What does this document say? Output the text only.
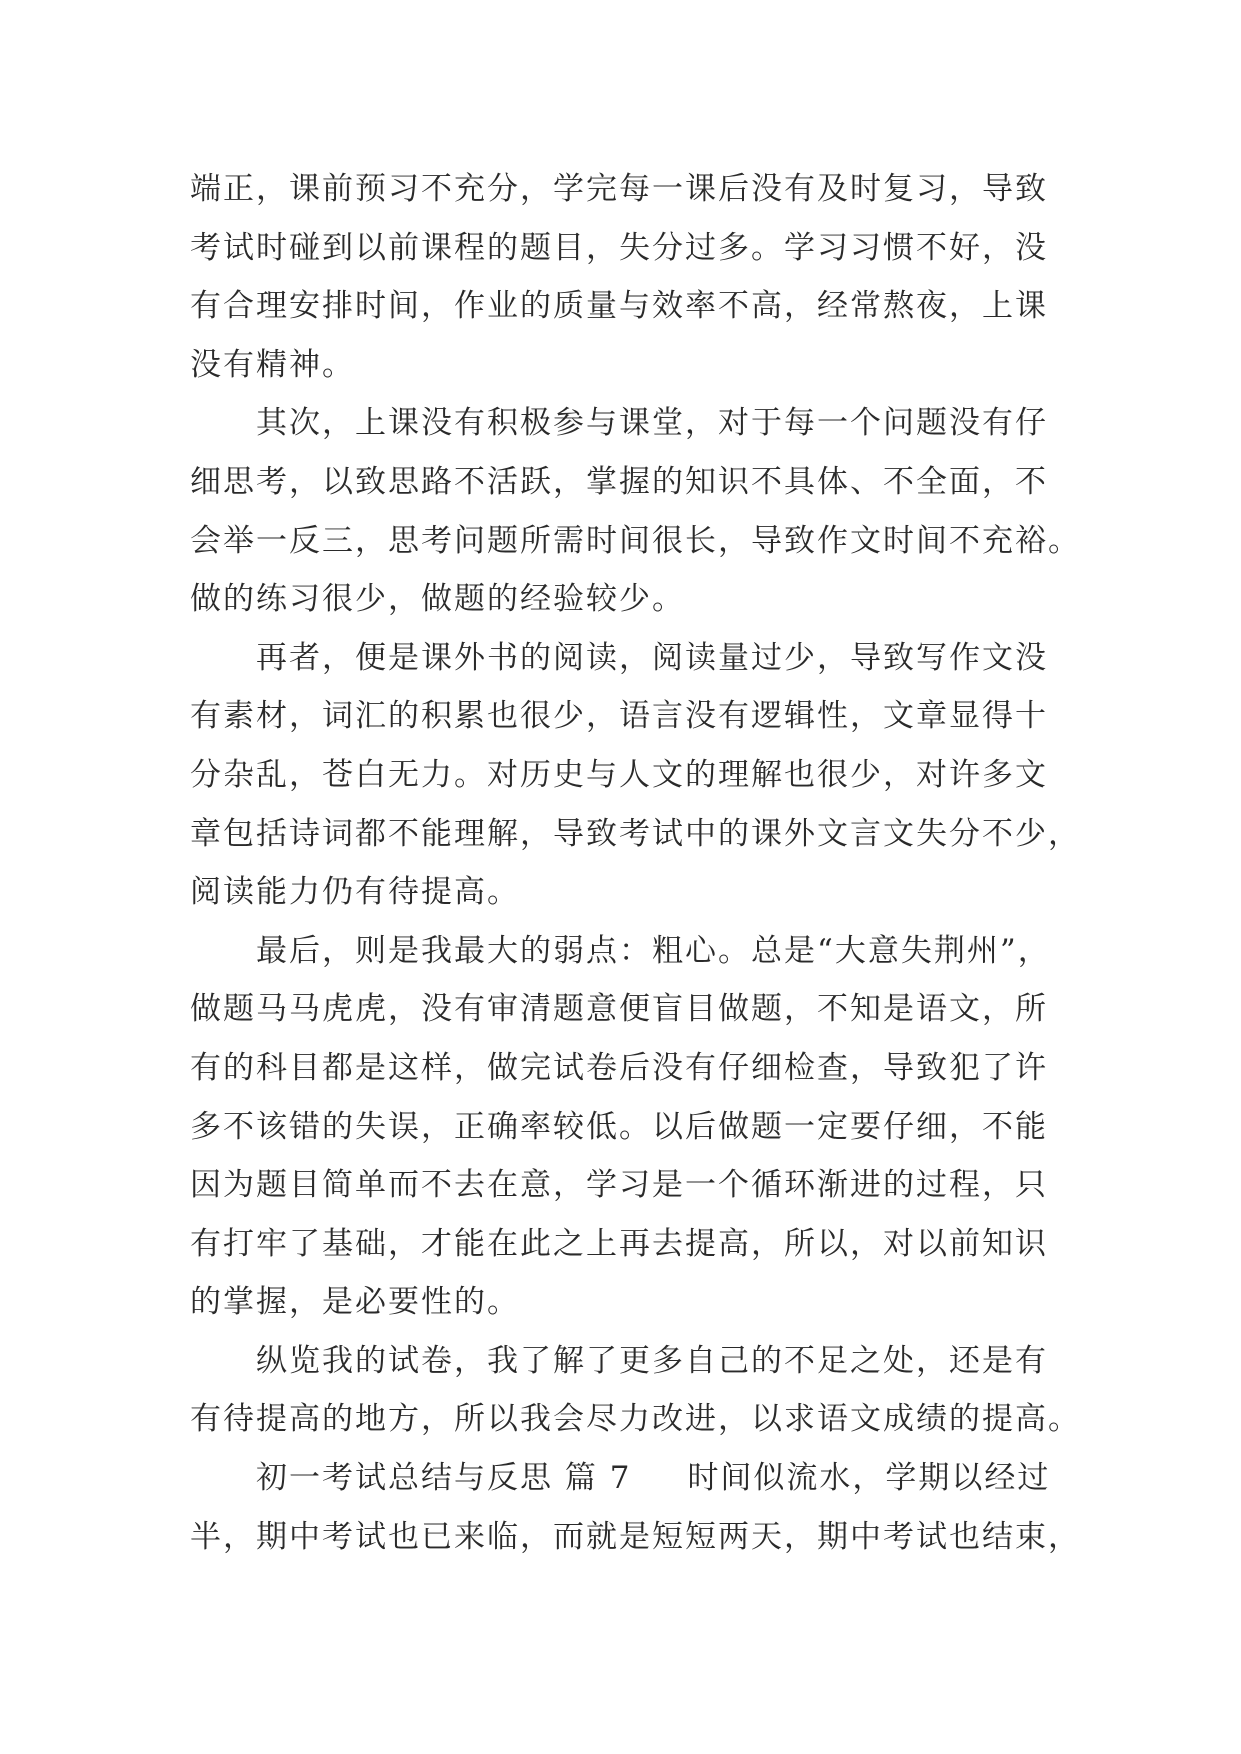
端正，课前预习不充分，学完每一课后没有及时复习，导致
考试时碰到以前课程的题目，失分过多。学习习惯不好，没
有合理安排时间，作业的质量与效率不高，经常熬夜，上课
没有精神。
其次，上课没有积极参与课堂，对于每一个问题没有仔
细思考，以致思路不活跃，掌握的知识不具体、不全面，不
会举一反三，思考问题所需时间很长，导致作文时间不充裕。
做的练习很少，做题的经验较少。
再者，便是课外书的阅读，阅读量过少，导致写作文没
有素材，词汇的积累也很少，语言没有逻辑性，文章显得十
分杂乱，苍白无力。对历史与人文的理解也很少，对许多文
章包括诗词都不能理解，导致考试中的课外文言文失分不少，
阅读能力仍有待提高。
最后，则是我最大的弱点：粗心。总是“大意失荆州”，
做题马马虎虎，没有审清题意便盲目做题，不知是语文，所
有的科目都是这样，做完试卷后没有仔细检查，导致犯了许
多不该错的失误，正确率较低。以后做题一定要仔细，不能
因为题目简单而不去在意，学习是一个循环渐进的过程，只
有打牢了基础，才能在此之上再去提高，所以，对以前知识
的掌握，是必要性的。
纵览我的试卷，我了解了更多自己的不足之处，还是有
有待提高的地方，所以我会尽力改进，以求语文成绩的提高。
初一考试总结与反思 篇 7 时间似流水，学期以经过
半，期中考试也已来临，而就是短短两天，期中考试也结束，
